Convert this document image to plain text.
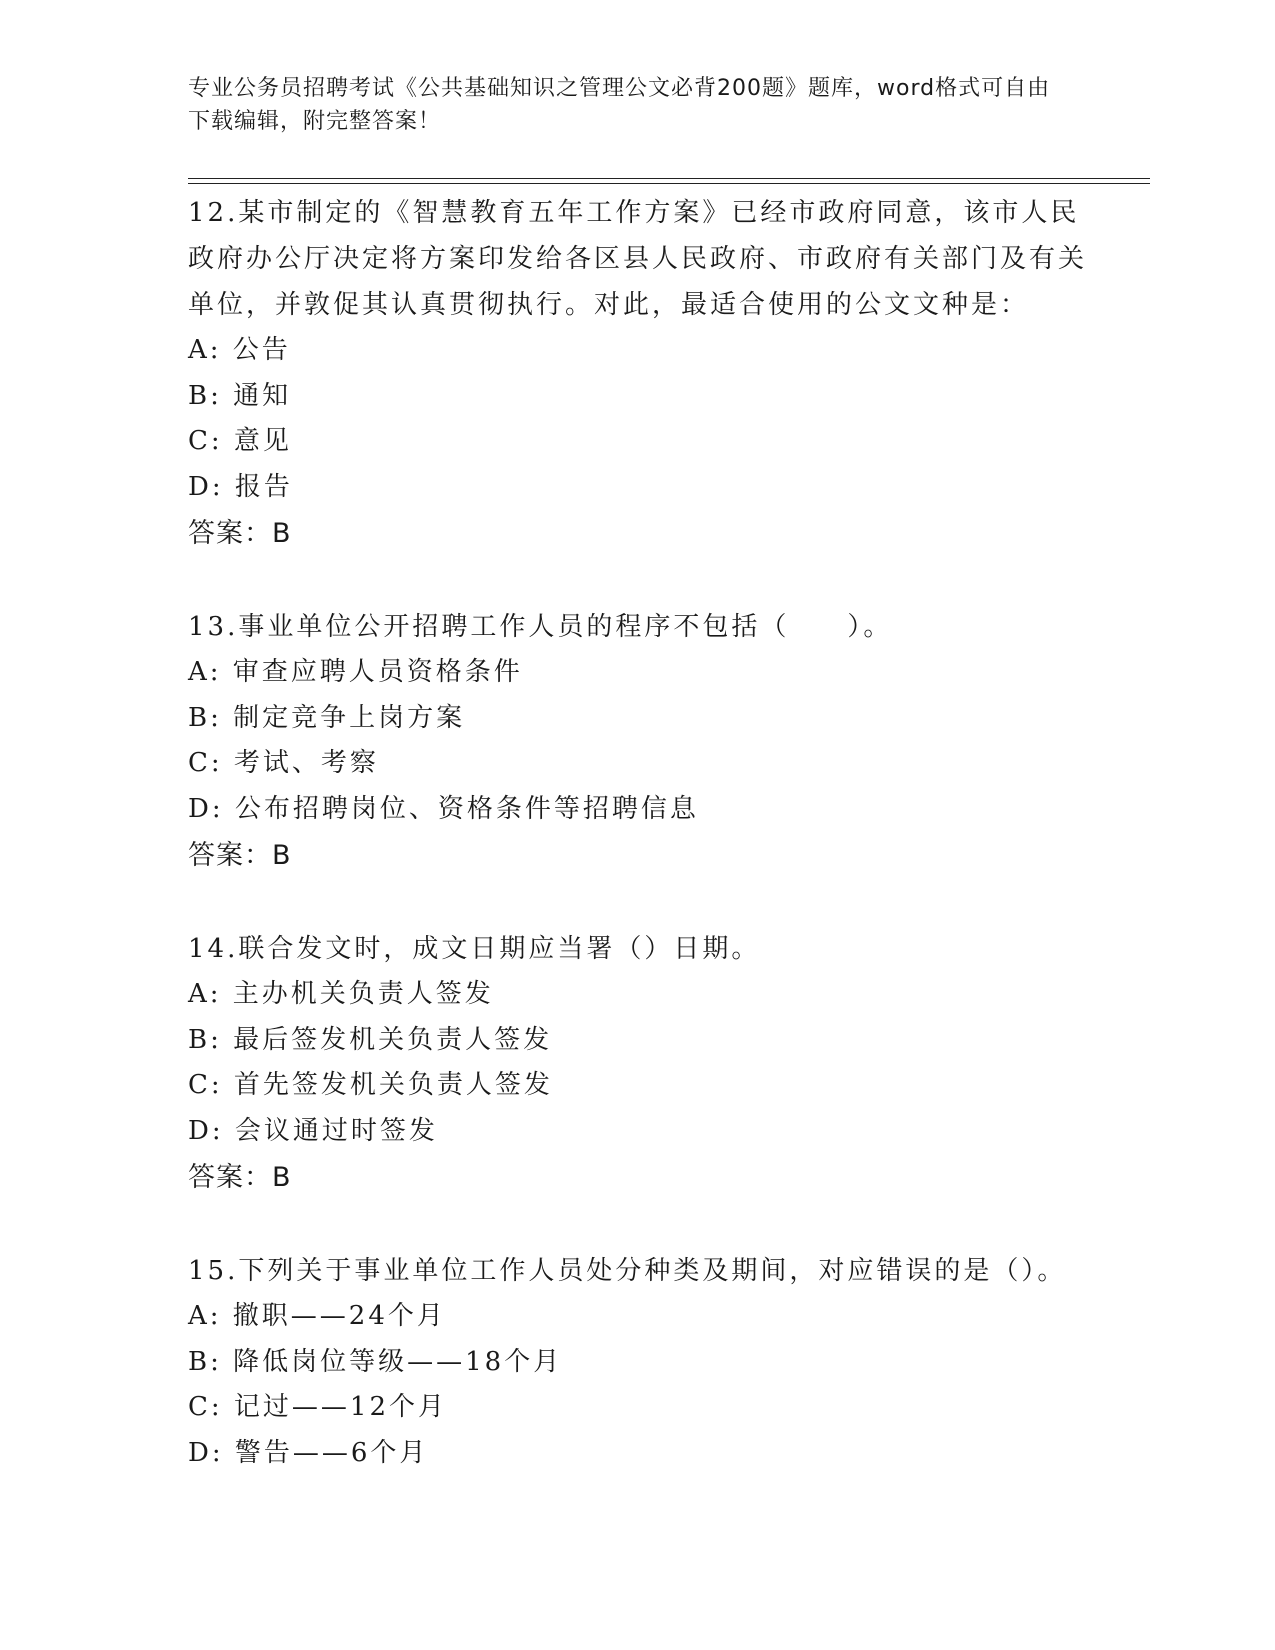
专业公务员招聘考试《公共基础知识之管理公文必背200题》题库，word格式可自由下载编辑，附完整答案！
12.某市制定的《智慧教育五年工作方案》已经市政府同意，该市人民政府办公厅决定将方案印发给各区县人民政府、市政府有关部门及有关单位，并敦促其认真贯彻执行。对此，最适合使用的公文文种是：
A: 公告
B: 通知
C: 意见
D: 报告
答案：B
13.事业单位公开招聘工作人员的程序不包括（　　）。
A: 审查应聘人员资格条件
B: 制定竞争上岗方案
C: 考试、考察
D: 公布招聘岗位、资格条件等招聘信息
答案：B
14.联合发文时，成文日期应当署（）日期。
A: 主办机关负责人签发
B: 最后签发机关负责人签发
C: 首先签发机关负责人签发
D: 会议通过时签发
答案：B
15.下列关于事业单位工作人员处分种类及期间，对应错误的是（）。
A: 撤职——24个月
B: 降低岗位等级——18个月
C: 记过——12个月
D: 警告——6个月
